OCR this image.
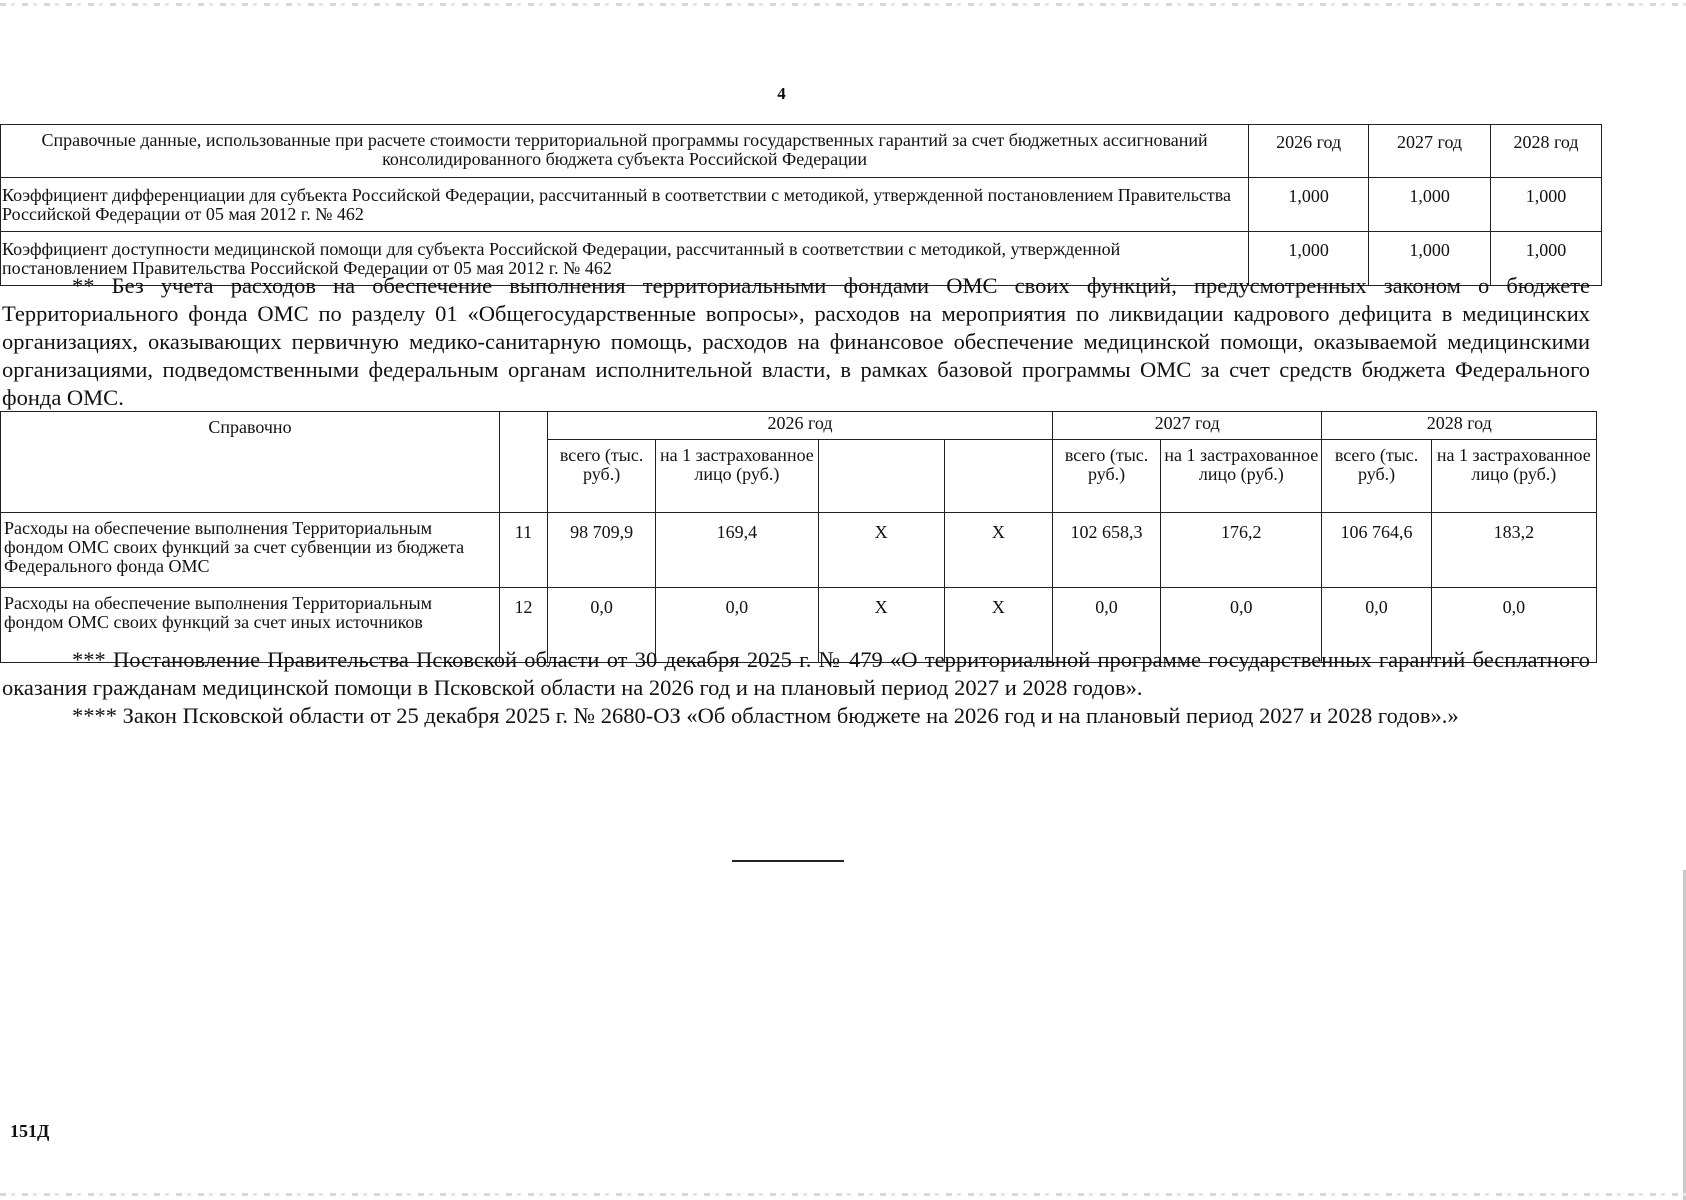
4
Справочные данные, использованные при расчете стоимости территориальной программы государственных гарантий за счет бюджетных ассигнований консолидированного бюджета субъекта Российской Федерации	2026 год	2027 год	2028 год
Коэффициент дифференциации для субъекта Российской Федерации, рассчитанный в соответствии с методикой, утвержденной постановлением Правительства Российской Федерации от 05 мая 2012 г. № 462	1,000	1,000	1,000
Коэффициент доступности медицинской помощи для субъекта Российской Федерации, рассчитанный в соответствии с методикой, утвержденной постановлением Правительства Российской Федерации от 05 мая 2012 г. № 462	1,000	1,000	1,000
** Без учета расходов на обеспечение выполнения территориальными фондами ОМС своих функций, предусмотренных законом о бюджете Территориального фонда ОМС по разделу 01 «Общегосударственные вопросы», расходов на мероприятия по ликвидации кадрового дефицита в медицинских организациях, оказывающих первичную медико-санитарную помощь, расходов на финансовое обеспечение медицинской помощи, оказываемой медицинскими организациями, подведомственными федеральным органам исполнительной власти, в рамках базовой программы ОМС за счет средств бюджета Федерального фонда ОМС.
Справочно		2026 год				2027 год		2028 год	
		всего (тыс. руб.)	на 1 застрахованное лицо (руб.)			всего (тыс. руб.)	на 1 застрахованное лицо (руб.)	всего (тыс. руб.)	на 1 застрахованное лицо (руб.)
Расходы на обеспечение выполнения Территориальным фондом ОМС своих функций за счет субвенции из бюджета Федерального фонда ОМС	11	98 709,9	169,4	Х	Х	102 658,3	176,2	106 764,6	183,2
Расходы на обеспечение выполнения Территориальным фондом ОМС своих функций за счет иных источников	12	0,0	0,0	Х	Х	0,0	0,0	0,0	0,0
*** Постановление Правительства Псковской области от 30 декабря 2025 г. № 479 «О территориальной программе государственных гарантий бесплатного оказания гражданам медицинской помощи в Псковской области на 2026 год и на плановый период 2027 и 2028 годов».
**** Закон Псковской области от 25 декабря 2025 г. № 2680-ОЗ «Об областном бюджете на 2026 год и на плановый период 2027 и 2028 годов».»
151Д
